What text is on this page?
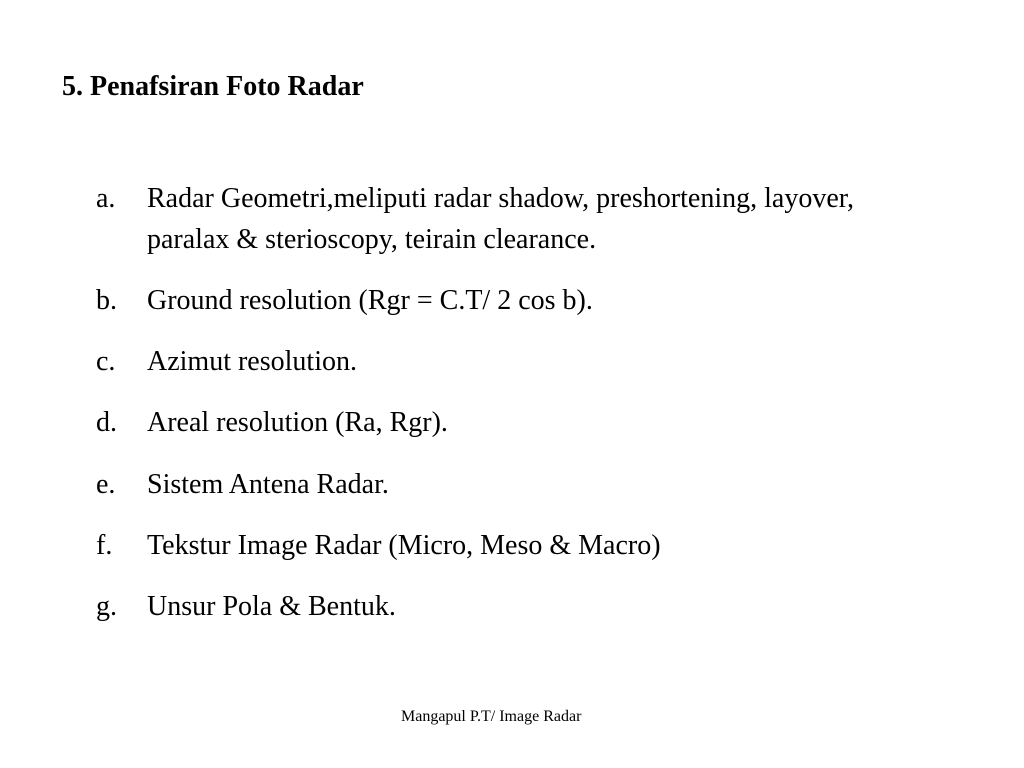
5. Penafsiran Foto Radar
a.	Radar Geometri,meliputi radar shadow, preshortening, layover, paralax & sterioscopy, teirain clearance.
b.	Ground resolution (Rgr = C.T/ 2 cos b).
c.	Azimut resolution.
d.	Areal resolution (Ra, Rgr).
e.	Sistem Antena Radar.
f.	Tekstur Image Radar (Micro, Meso & Macro)
g.	Unsur Pola & Bentuk.
Mangapul P.T/ Image Radar
